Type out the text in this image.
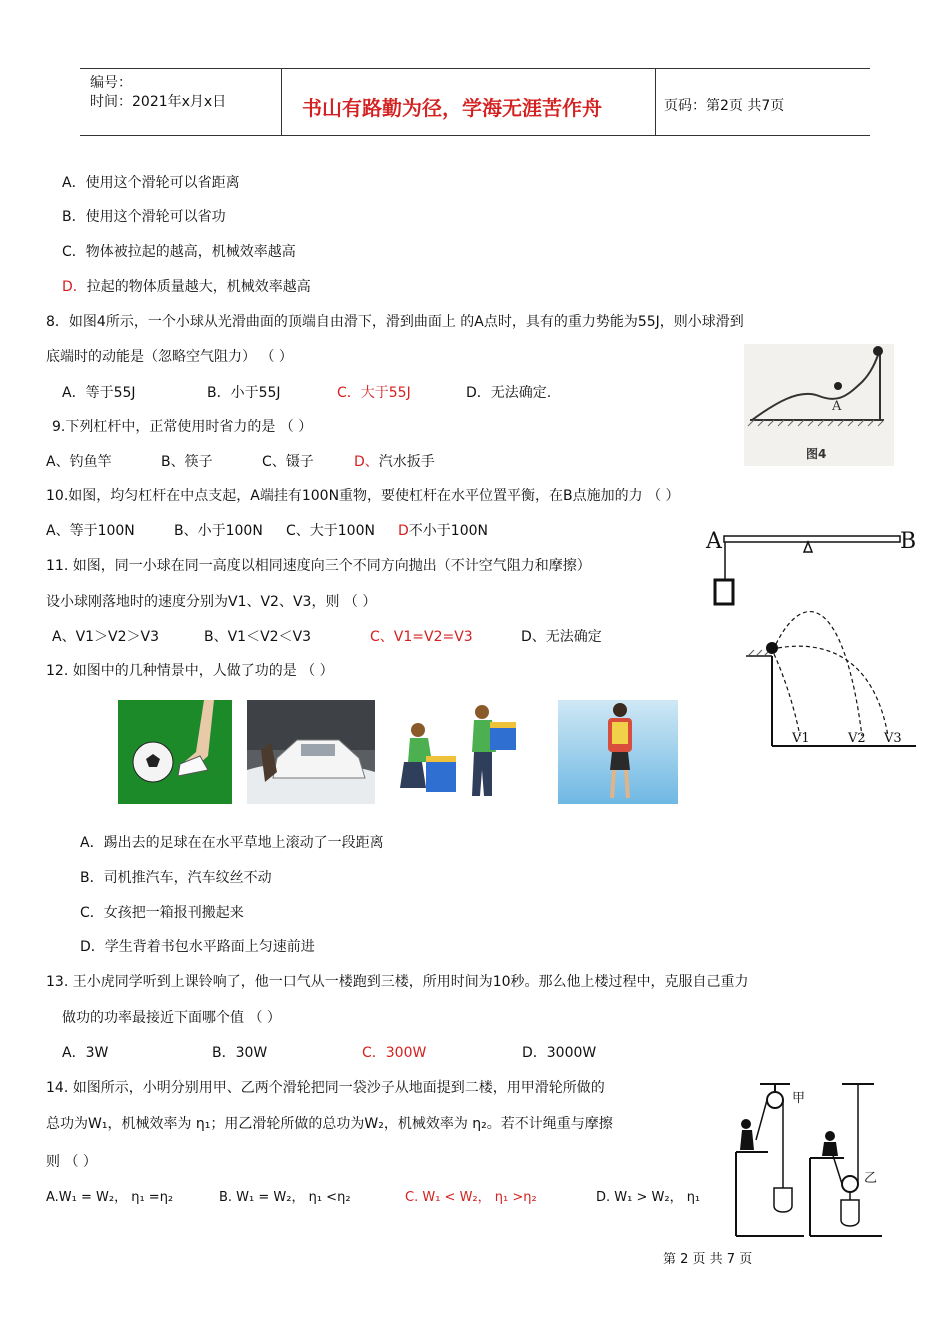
编号：
时间：2021年x月x日	书山有路勤为径，学海无涯苦作舟	页码：第2页 共7页
A．使用这个滑轮可以省距离
B．使用这个滑轮可以省功
C．物体被拉起的越高，机械效率越高
D．拉起的物体质量越大，机械效率越高
8．如图4所示，一个小球从光滑曲面的顶端自由滑下，滑到曲面上 的A点时，具有的重力势能为55J，则小球滑到
底端时的动能是（忽略空气阻力） （ ）
A．等于55J	B．小于55J	C．大于55J	D．无法确定.
A
图4
9.下列杠杆中，正常使用时省力的是 （ ）
A、钓鱼竿	B、筷子	C、镊子	D、汽水扳手
10.如图，均匀杠杆在中点支起，A端挂有100N重物，要使杠杆在水平位置平衡，在B点施加的力 （ ）
A、等于100N	B、小于100N C、大于100N D不小于100N	A	B
11. 如图，同一小球在同一高度以相同速度向三个不同方向抛出（不计空气阻力和摩擦）
设小球刚落地时的速度分别为V1、V2、V3，则 （ ）
A、V1＞V2＞V3	B、V1＜V2＜V3	C、V1=V2=V3	D、无法确定
V1	V2 V3
12. 如图中的几种情景中，人做了功的是 （ ）
A．踢出去的足球在在水平草地上滚动了一段距离
B．司机推汽车，汽车纹丝不动
C．女孩把一箱报刊搬起来
D．学生背着书包水平路面上匀速前进
13. 王小虎同学听到上课铃响了，他一口气从一楼跑到三楼，所用时间为10秒。那么他上楼过程中，克服自己重力
做功的功率最接近下面哪个值 （ ）
A．3W	B．30W	C．300W	D．3000W
14. 如图所示，小明分别用甲、乙两个滑轮把同一袋沙子从地面提到二楼，用甲滑轮所做的
总功为W₁，机械效率为 η₁；用乙滑轮所做的总功为W₂，机械效率为 η₂。若不计绳重与摩擦
则 （ ）
A.W₁ = W₂， η₁ =η₂	B. W₁ = W₂， η₁ <η₂	C. W₁ < W₂， η₁ >η₂	D. W₁ > W₂， η₁
甲
乙
第 2 页 共 7 页
